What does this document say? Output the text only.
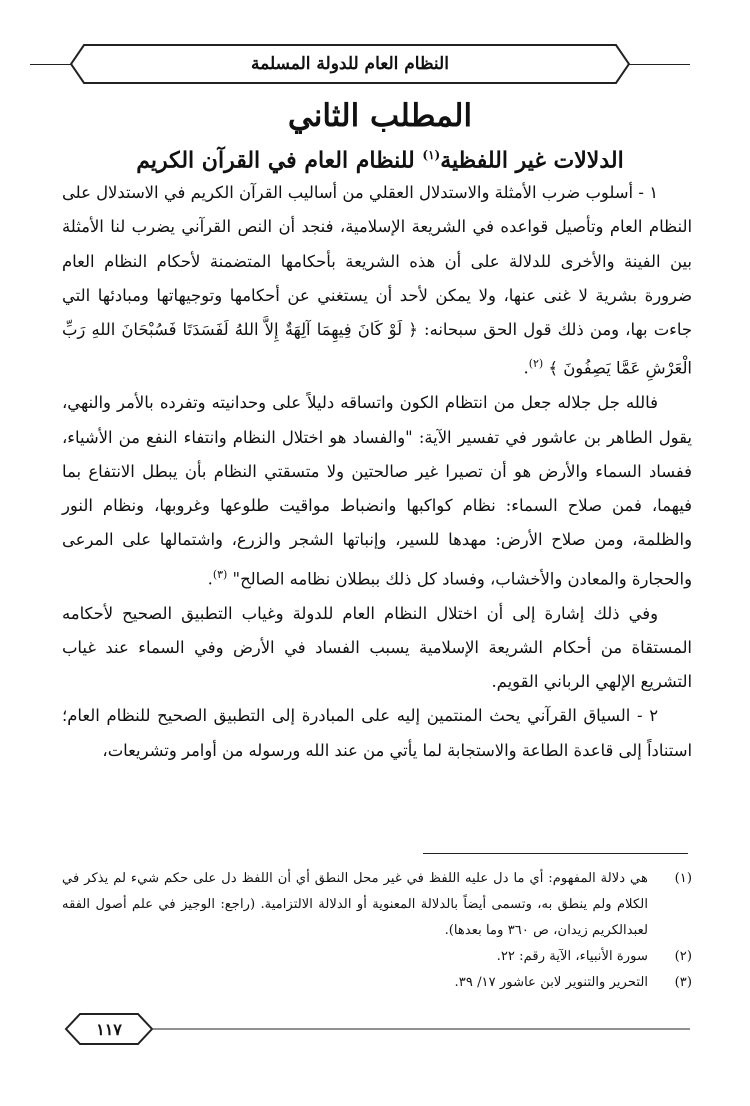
النظام العام للدولة المسلمة
المطلب الثاني
الدلالات غير اللفظية$^{(١)}$ للنظام العام في القرآن الكريم

١ - أسلوب ضرب الأمثلة والاستدلال العقلي من أساليب القرآن الكريم في الاستدلال على النظام العام وتأصيل قواعده في الشريعة الإسلامية، فنجد أن النص القرآني يضرب لنا الأمثلة بين الفينة والأخرى للدلالة على أن هذه الشريعة بأحكامها المتضمنة لأحكام النظام العام ضرورة بشرية لا غنى عنها، ولا يمكن لأحد أن يستغني عن أحكامها وتوجيهاتها ومبادئها التي جاءت بها، ومن ذلك قول الحق سبحانه: ﴿ لَوْ كَانَ فِيهِمَا آلِهَةٌ إِلاَّ اللهُ لَفَسَدَتَا فَسُبْحَانَ اللهِ رَبِّ الْعَرْشِ عَمَّا يَصِفُونَ ﴾ $^{(٢)}$.

فالله جل جلاله جعل من انتظام الكون واتساقه دليلاً على وحدانيته وتفرده بالأمر والنهي، يقول الطاهر بن عاشور في تفسير الآية: "والفساد هو اختلال النظام وانتفاء النفع من الأشياء، ففساد السماء والأرض هو أن تصيرا غير صالحتين ولا متسقتي النظام بأن يبطل الانتفاع بما فيهما، فمن صلاح السماء: نظام كواكبها وانضباط مواقيت طلوعها وغروبها، ونظام النور والظلمة، ومن صلاح الأرض: مهدها للسير، وإنباتها الشجر والزرع، واشتمالها على المرعى والحجارة والمعادن والأخشاب، وفساد كل ذلك ببطلان نظامه الصالح" $^{(٣)}$.

وفي ذلك إشارة إلى أن اختلال النظام العام للدولة وغياب التطبيق الصحيح لأحكامه المستقاة من أحكام الشريعة الإسلامية يسبب الفساد في الأرض وفي السماء عند غياب التشريع الإلهي الرباني القويم.

٢ - السياق القرآني يحث المنتمين إليه على المبادرة إلى التطبيق الصحيح للنظام العام؛ استناداً إلى قاعدة الطاعة والاستجابة لما يأتي من عند الله ورسوله من أوامر وتشريعات،

(١)
هي دلالة المفهوم: أي ما دل عليه اللفظ في غير محل النطق أي أن اللفظ دل على حكم شيء لم يذكر في الكلام ولم ينطق به، وتسمى أيضاً بالدلالة المعنوية أو الدلالة الالتزامية. (راجع: الوجيز في علم أصول الفقه لعبدالكريم زيدان، ص ٣٦٠ وما بعدها).
(٢)
سورة الأنبياء، الآية رقم: ٢٢.
(٣)
التحرير والتنوير لابن عاشور ١٧/ ٣٩.
١١٧
